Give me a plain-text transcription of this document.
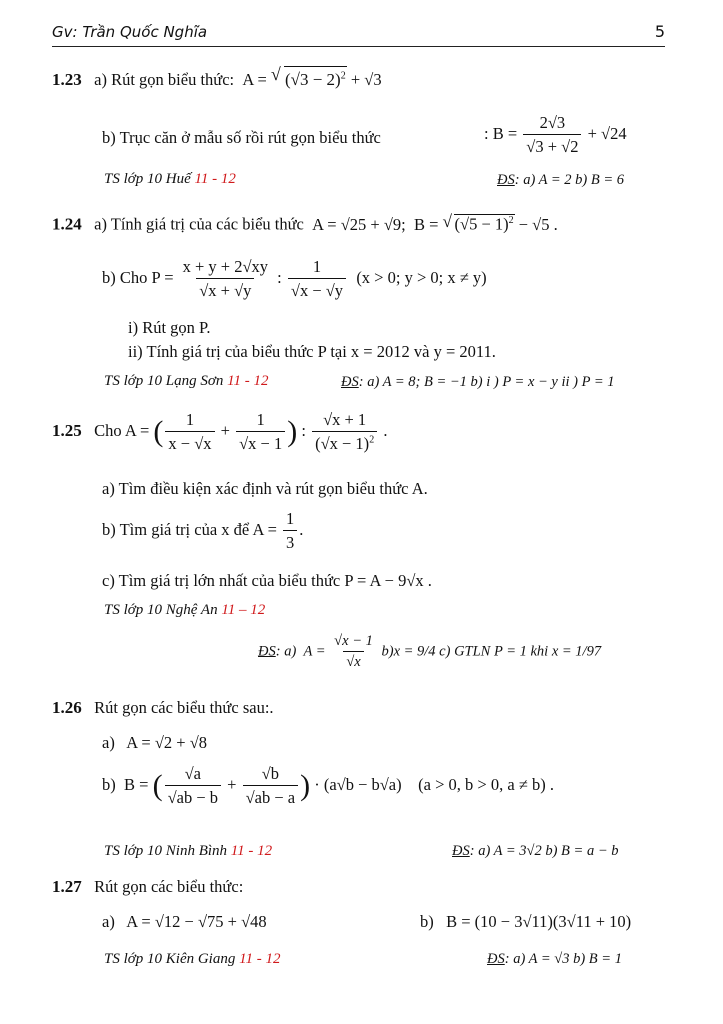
Gv: Trần Quốc Nghĩa	5
1.23 a) Rút gọn biểu thức:  A = √ $(√3 - 2)^2 + √3$
b) Trục căn ở mẫu số rồi rút gọn biểu thức	: $B = \frac{2√3}{√3 + √2} + √24$
TS lớp 10 Huế 11 - 12	ĐS: a) A = 2 b) B = 6
1.24 a) Tính giá trị của các biểu thức  A = √25 + √9;  B = √ $(√5 - 1)^2 - √5$ .
b) Cho $P = \frac{x + y + 2√xy}{√x + √y}$ : $\frac{1}{√x - √y} (x > 0$; y > 0; x ≠ y)
i) Rút gọn P.
ii) Tính giá trị của biểu thức P tại x = 2012 và y = 2011.
TS lớp 10 Lạng Sơn 11 - 12	ĐS: a) A = 8; B = −1 b) i ) P = x − y ii ) P = 1
1.25 Cho A = ( $\frac{1}{x - √x} + \frac{1}{√x - 1}$ ) : $\frac{√x + 1}{(√x - 1)^2}$ .
a) Tìm điều kiện xác định và rút gọn biểu thức A.
b) Tìm giá trị của x để $A = \frac{1}{3}$ .
c) Tìm giá trị lớn nhất của biểu thức P = A − 9√x .
TS lớp 10 Nghệ An 11 – 12
ĐS: a)  $A = \frac{√x - 1}{√x} b)x = 9/4$ c) GTLN P = 1 khi x = 1/97
1.26 Rút gọn các biểu thức sau:.
a)   A = √2 + √8
b)  B = ( $\frac{√a}{√ab - b} + \frac{√b}{√ab - a}$ ) · (a√b − b√a)    (a > 0, b > 0, a ≠ b) .
TS lớp 10 Ninh Bình 11 - 12	ĐS: a) A = 3√2 b) B = a − b
1.27 Rút gọn các biểu thức:
a)   A = √12 − √75 + √48	b)   B = (10 − 3√11)(3√11 + 10)
TS lớp 10 Kiên Giang 11 - 12	ĐS: a) A = √3 b) B = 1
